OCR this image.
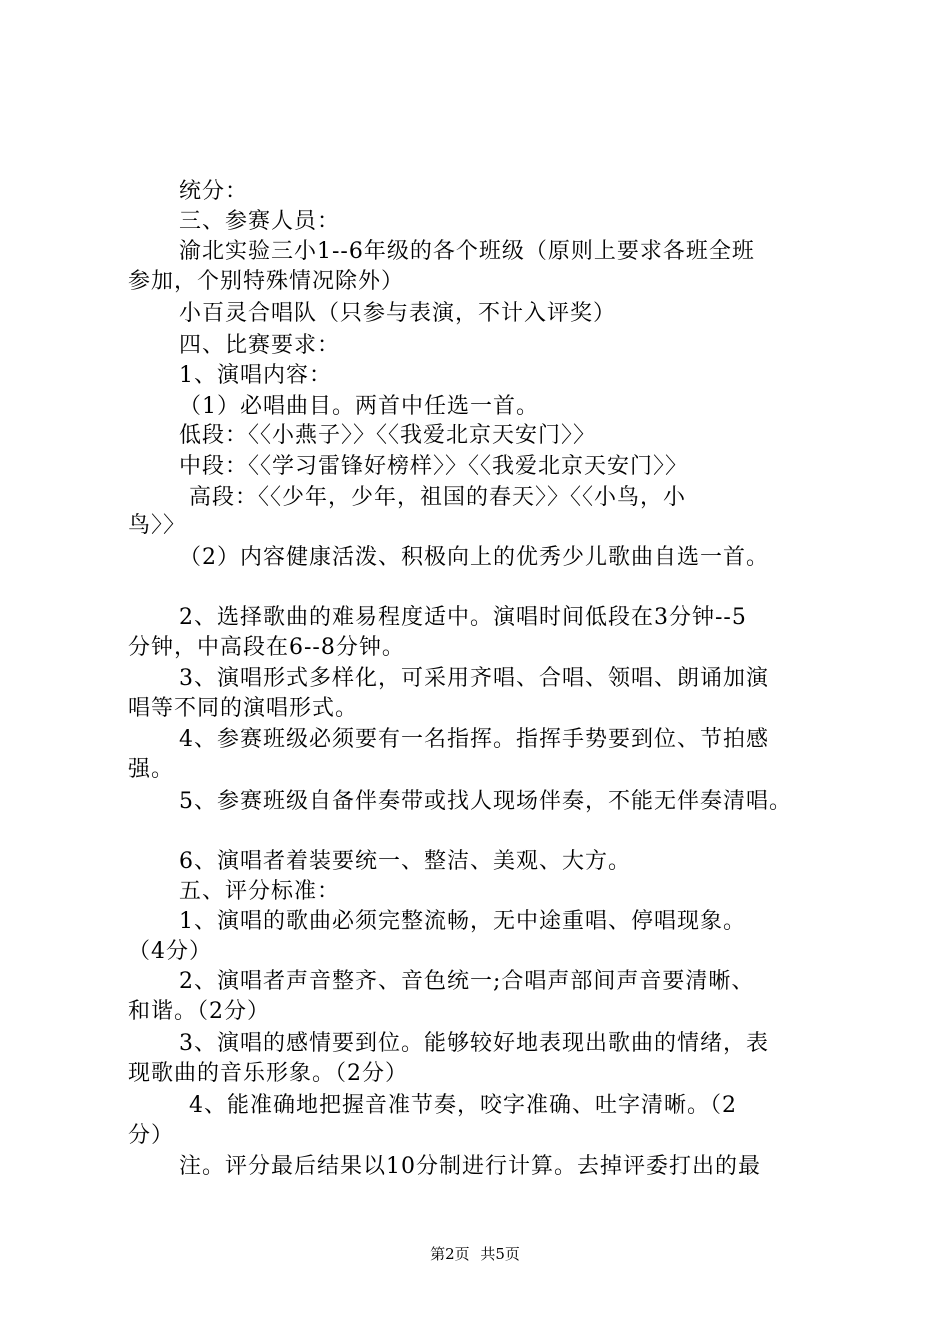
统分：

三、参赛人员：

渝北实验三小1--6年级的各个班级（原则上要求各班全班

参加，个别特殊情况除外）

小百灵合唱队（只参与表演，不计入评奖）

四、比赛要求：

1、演唱内容：

（1）必唱曲目。两首中任选一首。

低段：〈〈小燕子〉〉〈〈我爱北京天安门〉〉

中段：〈〈学习雷锋好榜样〉〉〈〈我爱北京天安门〉〉

高段：〈〈少年，少年，祖国的春天〉〉〈〈小鸟，小

鸟〉〉

（2）内容健康活泼、积极向上的优秀少儿歌曲自选一首。

2、选择歌曲的难易程度适中。演唱时间低段在3分钟--5

分钟，中高段在6--8分钟。

3、演唱形式多样化，可采用齐唱、合唱、领唱、朗诵加演

唱等不同的演唱形式。

4、参赛班级必须要有一名指挥。指挥手势要到位、节拍感

强。

5、参赛班级自备伴奏带或找人现场伴奏，不能无伴奏清唱。

6、演唱者着装要统一、整洁、美观、大方。

五、评分标准：

1、演唱的歌曲必须完整流畅，无中途重唱、停唱现象。

（4分）

2、演唱者声音整齐、音色统一;合唱声部间声音要清晰、

和谐。（2分）

3、演唱的感情要到位。能够较好地表现出歌曲的情绪，表

现歌曲的音乐形象。（2分）

4、能准确地把握音准节奏，咬字准确、吐字清晰。（2

分）

注。评分最后结果以10分制进行计算。去掉评委打出的最

第2页 共5页
